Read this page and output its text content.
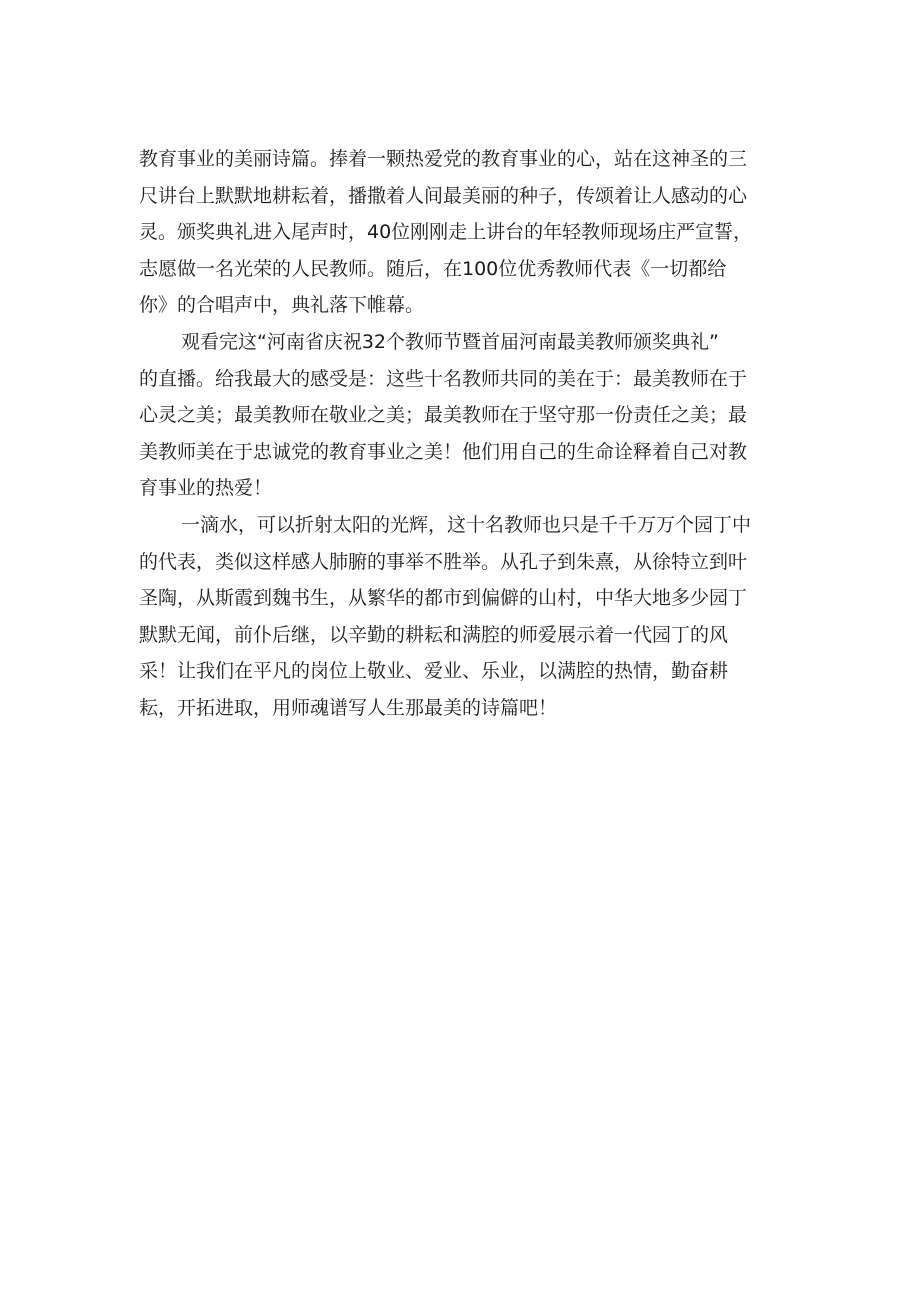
教育事业的美丽诗篇。捧着一颗热爱党的教育事业的心，站在这神圣的三
尺讲台上默默地耕耘着，播撒着人间最美丽的种子，传颂着让人感动的心
灵。颁奖典礼进入尾声时，40位刚刚走上讲台的年轻教师现场庄严宣誓，
志愿做一名光荣的人民教师。随后，在100位优秀教师代表《一切都给
你》的合唱声中，典礼落下帷幕。
观看完这“河南省庆祝32个教师节暨首届河南最美教师颁奖典礼”
的直播。给我最大的感受是：这些十名教师共同的美在于：最美教师在于
心灵之美；最美教师在敬业之美；最美教师在于坚守那一份责任之美；最
美教师美在于忠诚党的教育事业之美！他们用自己的生命诠释着自己对教
育事业的热爱！
一滴水，可以折射太阳的光辉，这十名教师也只是千千万万个园丁中
的代表，类似这样感人肺腑的事举不胜举。从孔子到朱熹，从徐特立到叶
圣陶，从斯霞到魏书生，从繁华的都市到偏僻的山村，中华大地多少园丁
默默无闻，前仆后继，以辛勤的耕耘和满腔的师爱展示着一代园丁的风
采！让我们在平凡的岗位上敬业、爱业、乐业，以满腔的热情，勤奋耕
耘，开拓进取，用师魂谱写人生那最美的诗篇吧！
